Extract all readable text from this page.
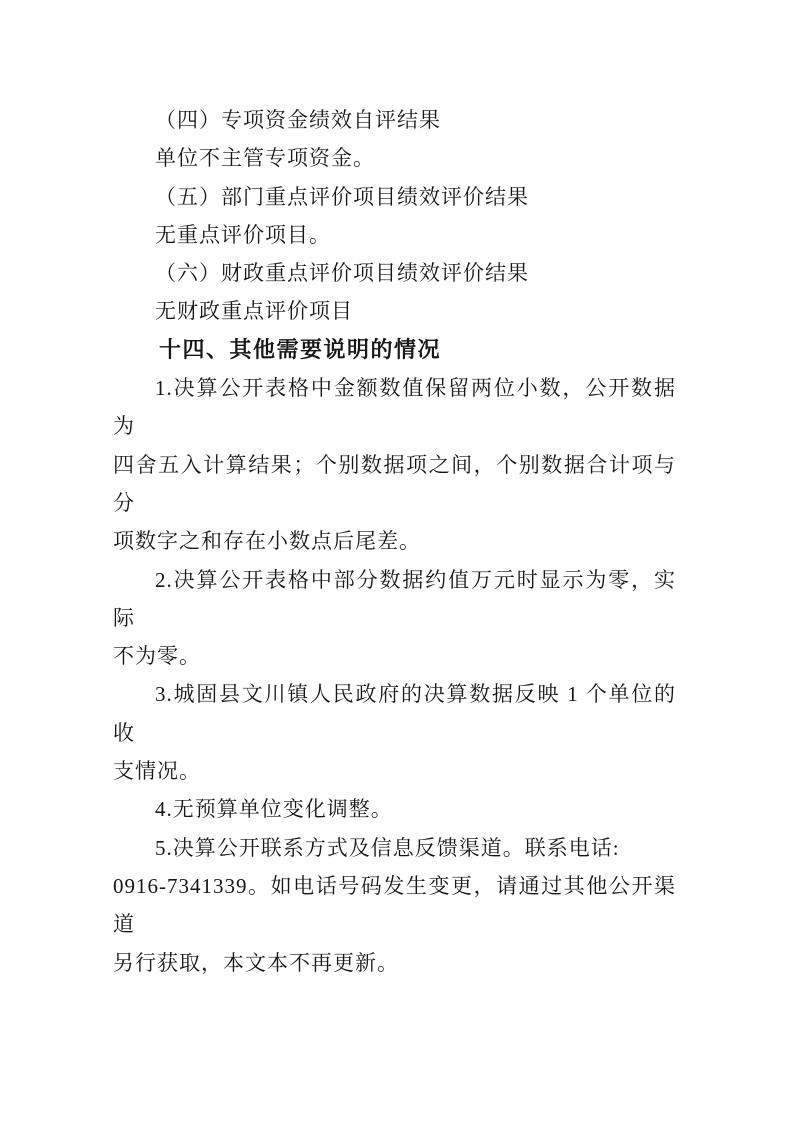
（四）专项资金绩效自评结果

单位不主管专项资金。

（五）部门重点评价项目绩效评价结果

无重点评价项目。

（六）财政重点评价项目绩效评价结果

无财政重点评价项目

十四、其他需要说明的情况

1.决算公开表格中金额数值保留两位小数，公开数据为

四舍五入计算结果；个别数据项之间，个别数据合计项与分

项数字之和存在小数点后尾差。

2.决算公开表格中部分数据约值万元时显示为零，实际

不为零。

3.城固县文川镇人民政府的决算数据反映 1 个单位的收

支情况。

4.无预算单位变化调整。

5.决算公开联系方式及信息反馈渠道。联系电话:

0916-7341339。如电话号码发生变更，请通过其他公开渠道

另行获取，本文本不再更新。
